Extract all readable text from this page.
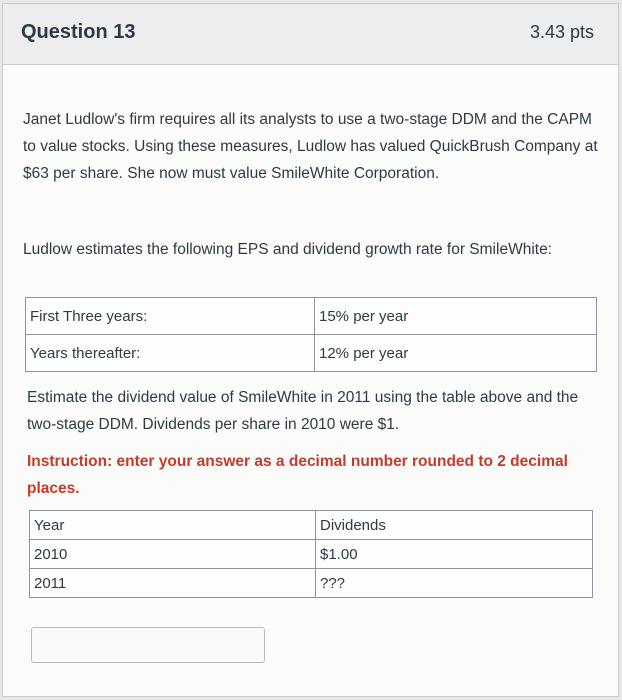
Question 13	3.43 pts
Janet Ludlow's firm requires all its analysts to use a two-stage DDM and the CAPM to value stocks. Using these measures, Ludlow has valued QuickBrush Company at $63 per share. She now must value SmileWhite Corporation.
Ludlow estimates the following EPS and dividend growth rate for SmileWhite:
First Three years:	15% per year
Years thereafter:	12% per year
Estimate the dividend value of SmileWhite in 2011 using the table above and the two-stage DDM. Dividends per share in 2010 were $1.
Instruction: enter your answer as a decimal number rounded to 2 decimal places.
Year	Dividends
2010	$1.00
2011	???
